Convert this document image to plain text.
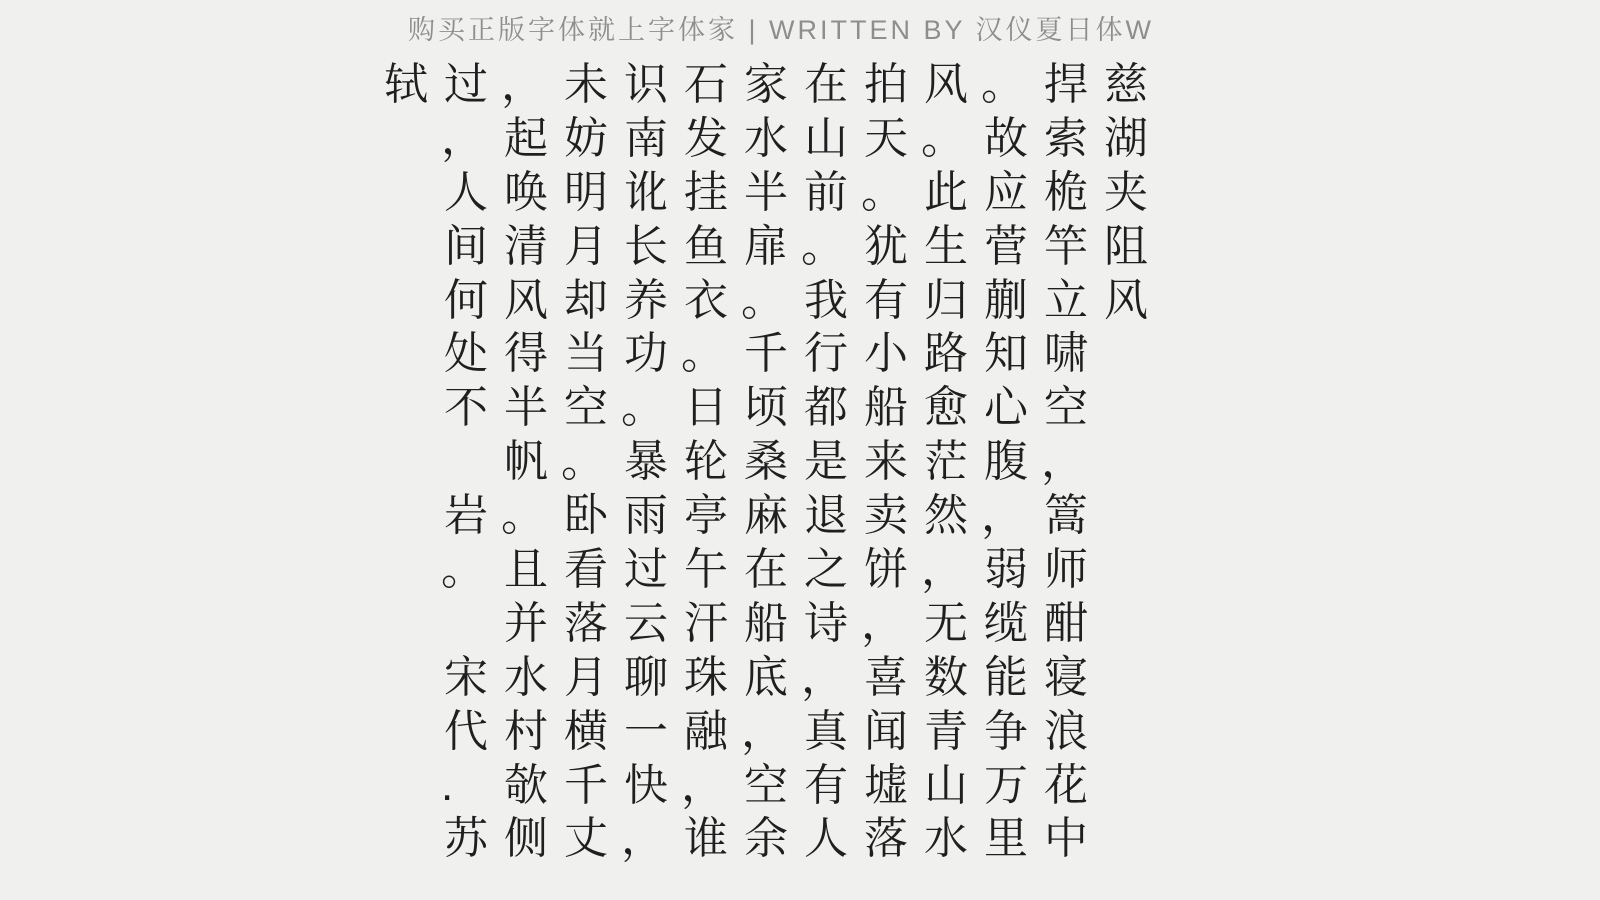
购买正版字体就上字体家 | WRITTEN BY 汉仪夏日体W
轼 过 ， 未 识 石 家 在 拍 风 。 捍 慈
， 起 妨 南 发 水 山 天 。 故 索 湖
人 唤 明 讹 挂 半 前 。 此 应 桅 夹
间 清 月 长 鱼 扉 。 犹 生 菅 竿 阻
何 风 却 养 衣 。 我 有 归 蒯 立 风
处 得 当 功 。 千 行 小 路 知 啸
不 半 空 。 日 顷 都 船 愈 心 空
帆 。 暴 轮 桑 是 来 茫 腹 ，
岩 。 卧 雨 亭 麻 退 卖 然 ， 篙
。 且 看 过 午 在 之 饼 ， 弱 师
并 落 云 汗 船 诗 ， 无 缆 酣
宋 水 月 聊 珠 底 ， 喜 数 能 寝
代 村 横 一 融 ， 真 闻 青 争 浪
.	欹 千 快 ， 空 有 墟 山 万 花
苏 侧 丈 ， 谁 余 人 落 水 里 中
